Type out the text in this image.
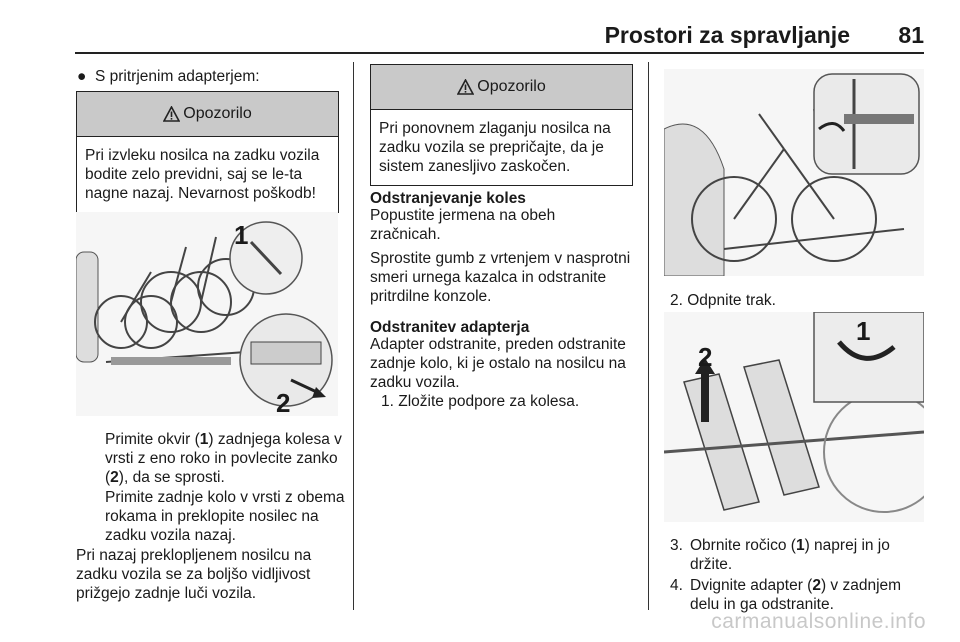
Prostori za spravljanje 81
● S pritrjenim adapterjem:
Opozorilo
Pri izvleku nosilca na zadku vozila bodite zelo previdni, saj se le-ta nagne nazaj. Nevarnost poškodb!
1
2
Primite okvir (1) zadnjega kolesa v vrsti z eno roko in povlecite zanko (2), da se sprosti.
Primite zadnje kolo v vrsti z obema rokama in preklopite nosilec na zadku vozila nazaj.
Pri nazaj preklopljenem nosilcu na zadku vozila se za boljšo vidljivost prižgejo zadnje luči vozila.
Opozorilo
Pri ponovnem zlaganju nosilca na zadku vozila se prepričajte, da je sistem zanesljivo zaskočen.
Odstranjevanje koles
Popustite jermena na obeh zračnicah.
Sprostite gumb z vrtenjem v nasprotni smeri urnega kazalca in odstranite pritrdilne konzole.
Odstranitev adapterja
Adapter odstranite, preden odstranite zadnje kolo, ki je ostalo na nosilcu na zadku vozila.
1. Zložite podpore za kolesa.
2. Odpnite trak.
2
1
3. Obrnite ročico (1) naprej in jo držite.
4. Dvignite adapter (2) v zadnjem delu in ga odstranite.
carmanualsonline.info
